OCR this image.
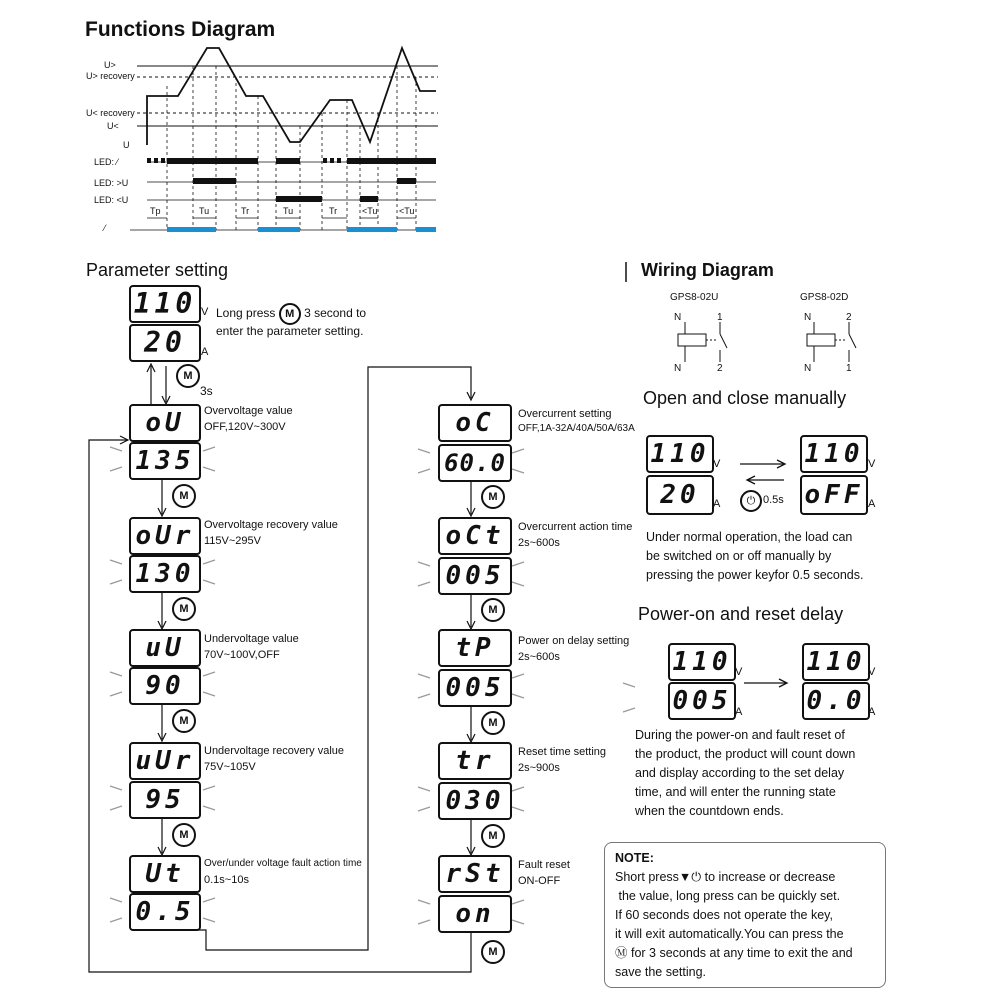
Functions Diagram
U>
U> recovery
U< recovery
U<
U
LED: ⁄
LED: >U
LED: <U
⁄
Tp	Tu	Tr	Tu	Tr	<Tu <Tu
Parameter setting
110 V
20	A
Long press M 3 second to
enter the parameter setting.
M
3s
oU
135
Overvoltage value
OFF,120V~300V
M
oUr
130
Overvoltage recovery value
115V~295V
M
uU
90
Undervoltage value
70V~100V,OFF
M
uUr
95
Undervoltage recovery value
75V~105V
M
Ut
0.5
Over/under voltage fault action time
0.1s~10s
oC
60.0
Overcurrent setting
OFF,1A-32A/40A/50A/63A
M
oCt
005
Overcurrent action time
2s~600s
M
tP
005
Power on delay setting
2s~600s
M
tr
030
Reset time setting
2s~900s
M
rSt
on
Fault reset
ON-OFF
M
Wiring Diagram
GPS8-02U	GPS8-02D
N	1
N	2
N	2
N	1
Open and close manually
110 V
20	A
110 V
oFF A
⏻ 0.5s
Under normal operation, the load can
be switched on or off manually by
pressing the power keyfor 0.5 seconds.
Power-on and reset delay
110 V
005 A
110 V
0.0 A
During the power-on and fault reset of
the product, the product will count down
and display according to the set delay
time, and will enter the running state
when the countdown ends.
NOTE:
Short press▼⏻ to increase or decrease
the value, long press can be quickly set.
If 60 seconds does not operate the key,
it will exit automatically.You can press the
Ⓜ for 3 seconds at any time to exit the and
save the setting.
